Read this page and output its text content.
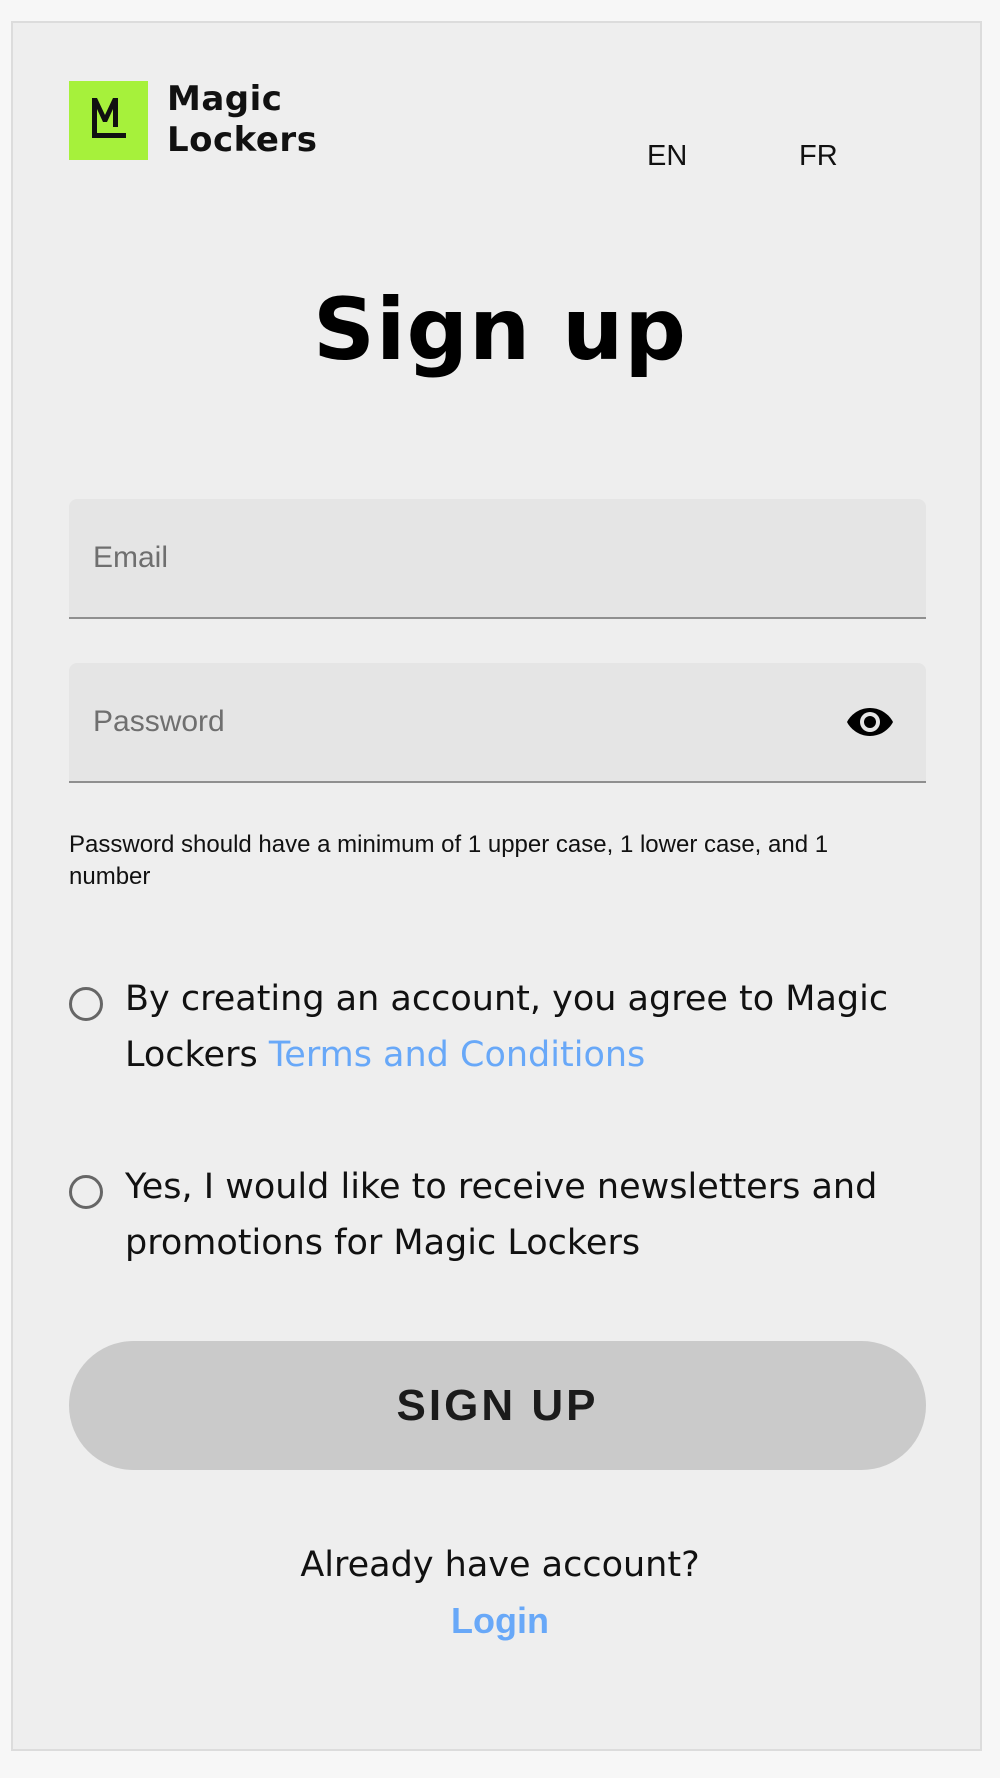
Magic
Lockers	EN	FR
Sign up
Email
Password should have a minimum of 1 upper case, 1 lower case, and 1 number
By creating an account, you agree to Magic Lockers Terms and Conditions
Yes, I would like to receive newsletters and promotions for Magic Lockers
SIGN UP
Already have account?
Login
